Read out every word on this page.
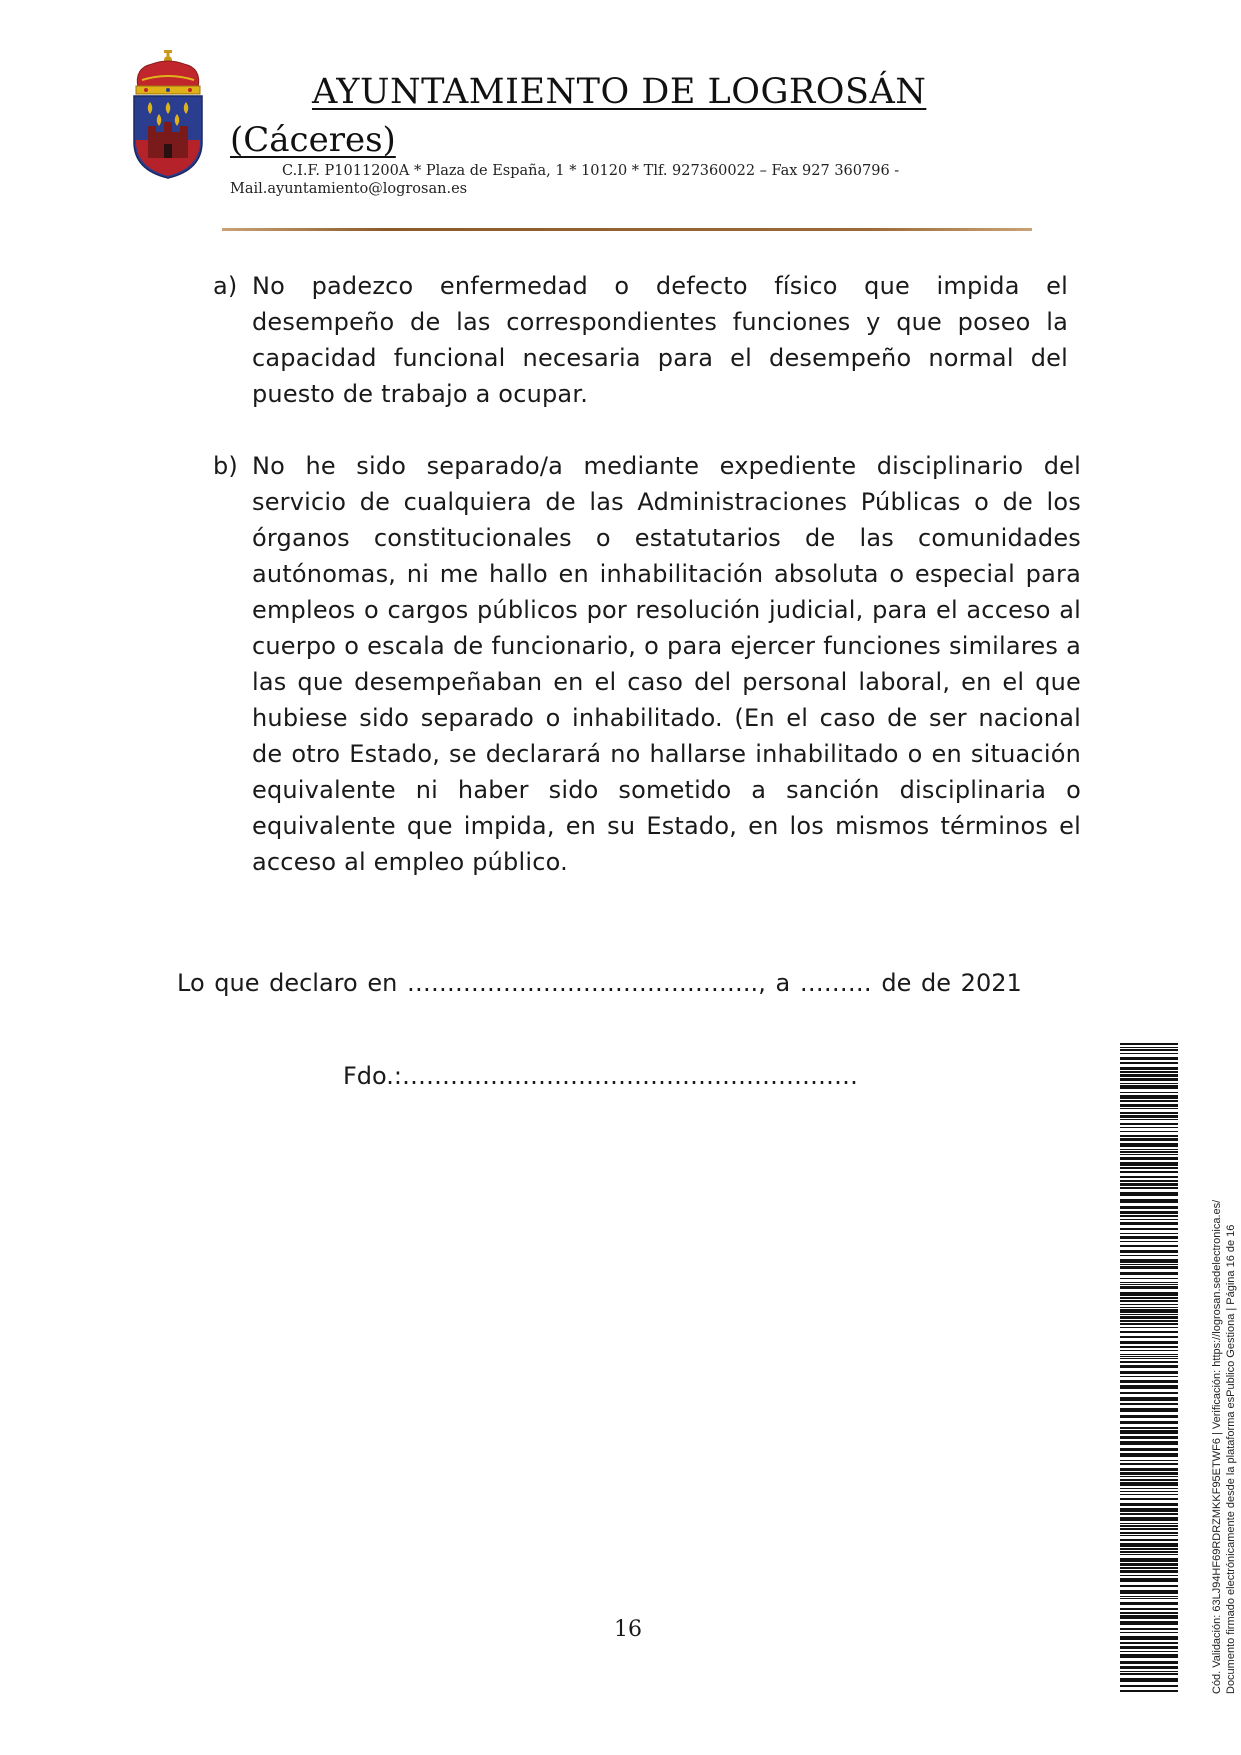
AYUNTAMIENTO DE LOGROSÁN
(Cáceres)
C.I.F. P1011200A * Plaza de España, 1 * 10120 * Tlf. 927360022 – Fax 927 360796 -
Mail.ayuntamiento@logrosan.es
a) No padezco enfermedad o defecto físico que impida el desempeño de las correspondientes funciones y que poseo la capacidad funcional necesaria para el desempeño normal del puesto de trabajo a ocupar.
b) No he sido separado/a mediante expediente disciplinario del servicio de cualquiera de las Administraciones Públicas o de los órganos constitucionales o estatutarios de las comunidades autónomas, ni me hallo en inhabilitación absoluta o especial para empleos o cargos públicos por resolución judicial, para el acceso al cuerpo o escala de funcionario, o para ejercer funciones similares a las que desempeñaban en el caso del personal laboral, en el que hubiese sido separado o inhabilitado. (En el caso de ser nacional de otro Estado, se declarará no hallarse inhabilitado o en situación equivalente ni haber sido sometido a sanción disciplinaria o equivalente que impida, en su Estado, en los mismos términos el acceso al empleo público.
Lo que declaro en …………………………………….., a ……… de de 2021
Fdo.:…………………………………………………
16	Cód. Validación: 63LJ94HF69RDRZMKKF95ETWF6 | Verificación: https://logrosan.sedelectronica.es/ Documento firmado electrónicamente desde la plataforma esPublico Gestiona | Página 16 de 16
